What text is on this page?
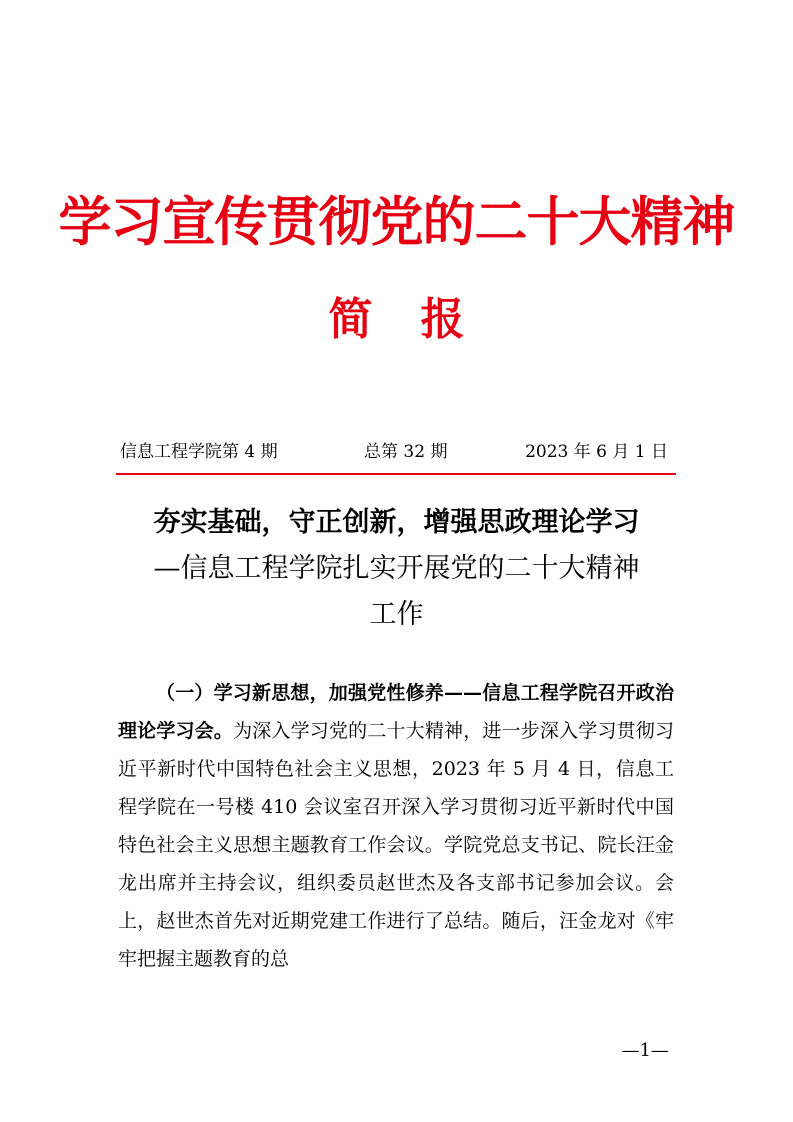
学习宣传贯彻党的二十大精神
简 报
信息工程学院第 4 期	总第 32 期	2023 年 6 月 1 日
夯实基础，守正创新，增强思政理论学习
—信息工程学院扎实开展党的二十大精神
工作

（一）学习新思想，加强党性修养——信息工程学院召开政治理论学习会。为深入学习党的二十大精神，进一步深入学习贯彻习近平新时代中国特色社会主义思想，2023 年 5 月 4 日，信息工程学院在一号楼 410 会议室召开深入学习贯彻习近平新时代中国特色社会主义思想主题教育工作会议。学院党总支书记、院长汪金龙出席并主持会议，组织委员赵世杰及各支部书记参加会议。会上，赵世杰首先对近期党建工作进行了总结。随后，汪金龙对《牢牢把握主题教育的总

—1—
